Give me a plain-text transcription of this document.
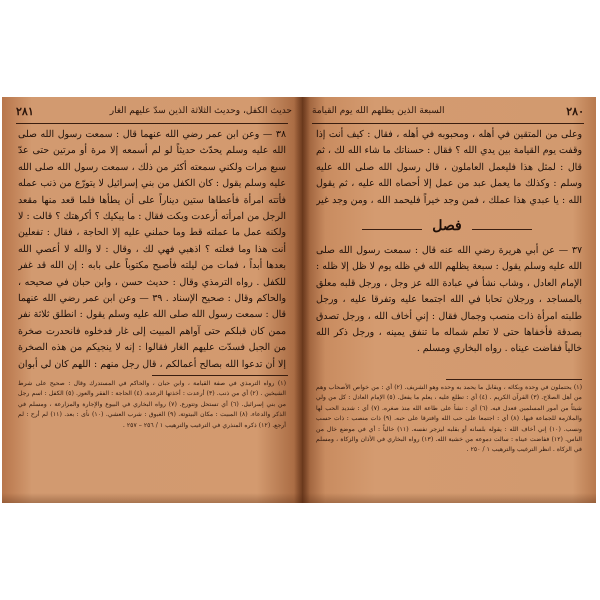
٢٨١	حديث الكفل، وحديث الثلاثة الذين سدّ عليهم الغار
٣٨ — وعن ابن عمر رضي الله عنهما قال : سمعت رسول الله صلى الله عليه وسلم يحدّث حديثاً لو لم أسمعه إلا مرة أو مرتين حتى عدّ سبع مرات ولكني سمعته أكثر من ذلك ، سمعت رسول الله صلى الله عليه وسلم يقول : كان الكفل من بني إسرائيل لا يتورّع من ذنب عمله فأتته امرأة فأعطاها ستين ديناراً على أن يطأها فلما قعد منها مقعد الرجل من امرأته أرعدت وبكت فقال : ما يبكيك ؟ أكرهتك ؟ قالت : لا ولكنه عمل ما عملته قط وما حملني عليه إلا الحاجة ، فقال : تفعلين أنت هذا وما فعلته ؟ اذهبي فهي لك ، وقال : لا والله لا أعصي الله بعدها أبداً ، فمات من ليلته فأصبح مكتوباً على بابه : إن الله قد غفر للكفل . رواه الترمذي وقال : حديث حسن ، وابن حبان في صحيحه ، والحاكم وقال : صحيح الإسناد . ٣٩ — وعن ابن عمر رضي الله عنهما قال : سمعت رسول الله صلى الله عليه وسلم يقول : انطلق ثلاثة نفر ممن كان قبلكم حتى آواهم المبيت إلى غار فدخلوه فانحدرت صخرة من الجبل فسدّت عليهم الغار فقالوا : إنه لا ينجيكم من هذه الصخرة إلا أن تدعوا الله بصالح أعمالكم ، قال رجل منهم : اللهم كان لي أبوان
(١) رواه الترمذي في صفة القيامة ، وابن حبان ، والحاكم في المستدرك وقال : صحيح على شرط الشيخين . (٢) أي من ذنب. (٣) أرعدت : أخذتها الرعدة. (٤) الحاجة : الفقر والعوز. (٥) الكفل : اسم رجل من بني إسرائيل. (٦) أي تستحل وتتورع. (٧) رواه البخاري في البيوع والإجارة والمزارعة ، ومسلم في الذكر والدعاء. (٨) المبيت : مكان البيتوتة. (٩) الغبوق : شرب العشي. (١٠) نأى : بعد. (١١) لم أرح : لم أرجع. (١٢) ذكره المنذري في الترغيب والترهيب ١ / ٢٥٦ – ٢٥٧ .
السبعة الذين يظلهم الله يوم القيامة	٢٨٠
وعلى من المتقين في أهله ، ومحبوبه في أهله ، فقال : كيف أنت إذا وقفت يوم القيامة بين يدي الله ؟ فقال : حسناتك ما شاء الله لك ، ثم قال : لمثل هذا فليعمل العاملون ، قال رسول الله صلى الله عليه وسلم : وكذلك ما يعمل عبد من عمل إلا أحصاه الله عليه ، ثم يقول الله : يا عبدي هذا عملك ، فمن وجد خيراً فليحمد الله ، ومن وجد غير
فصل
٣٧ — عن أبي هريرة رضي الله عنه قال : سمعت رسول الله صلى الله عليه وسلم يقول : سبعة يظلهم الله في ظله يوم لا ظل إلا ظله : الإمام العادل ، وشاب نشأ في عبادة الله عز وجل ، ورجل قلبه معلق بالمساجد ، ورجلان تحابا في الله اجتمعا عليه وتفرقا عليه ، ورجل طلبته امرأة ذات منصب وجمال فقال : إني أخاف الله ، ورجل تصدق بصدقة فأخفاها حتى لا تعلم شماله ما تنفق يمينه ، ورجل ذكر الله خالياً ففاضت عيناه . رواه البخاري ومسلم .
(١) يحتملون في وحدة وبكائه ، ويقابل ما يحمد به وحده وهو الشريف. (٢) أي : من خواص الأصحاب وهم من أهل الصلاح. (٣) القرآن الكريم . (٤) أي : تطلع عليه ، يعلم ما يفعل. (٥) الإمام العادل : كل من ولي شيئاً من أمور المسلمين فعدل فيه. (٦) أي : نشأ على طاعة الله منذ صغره. (٧) أي : شديد الحب لها والملازمة للجماعة فيها. (٨) أي : اجتمعا على حب الله وافترقا على حبه. (٩) ذات منصب : ذات حسب ونسب. (١٠) إني أخاف الله : يقوله بلسانه أو بقلبه ليزجر نفسه. (١١) خالياً : أي في موضع خال من الناس. (١٢) ففاضت عيناه : سالت دموعه من خشية الله. (١٣) رواه البخاري في الأذان والزكاة ، ومسلم في الزكاة . انظر الترغيب والترهيب ١ / ٢٥٠ .
